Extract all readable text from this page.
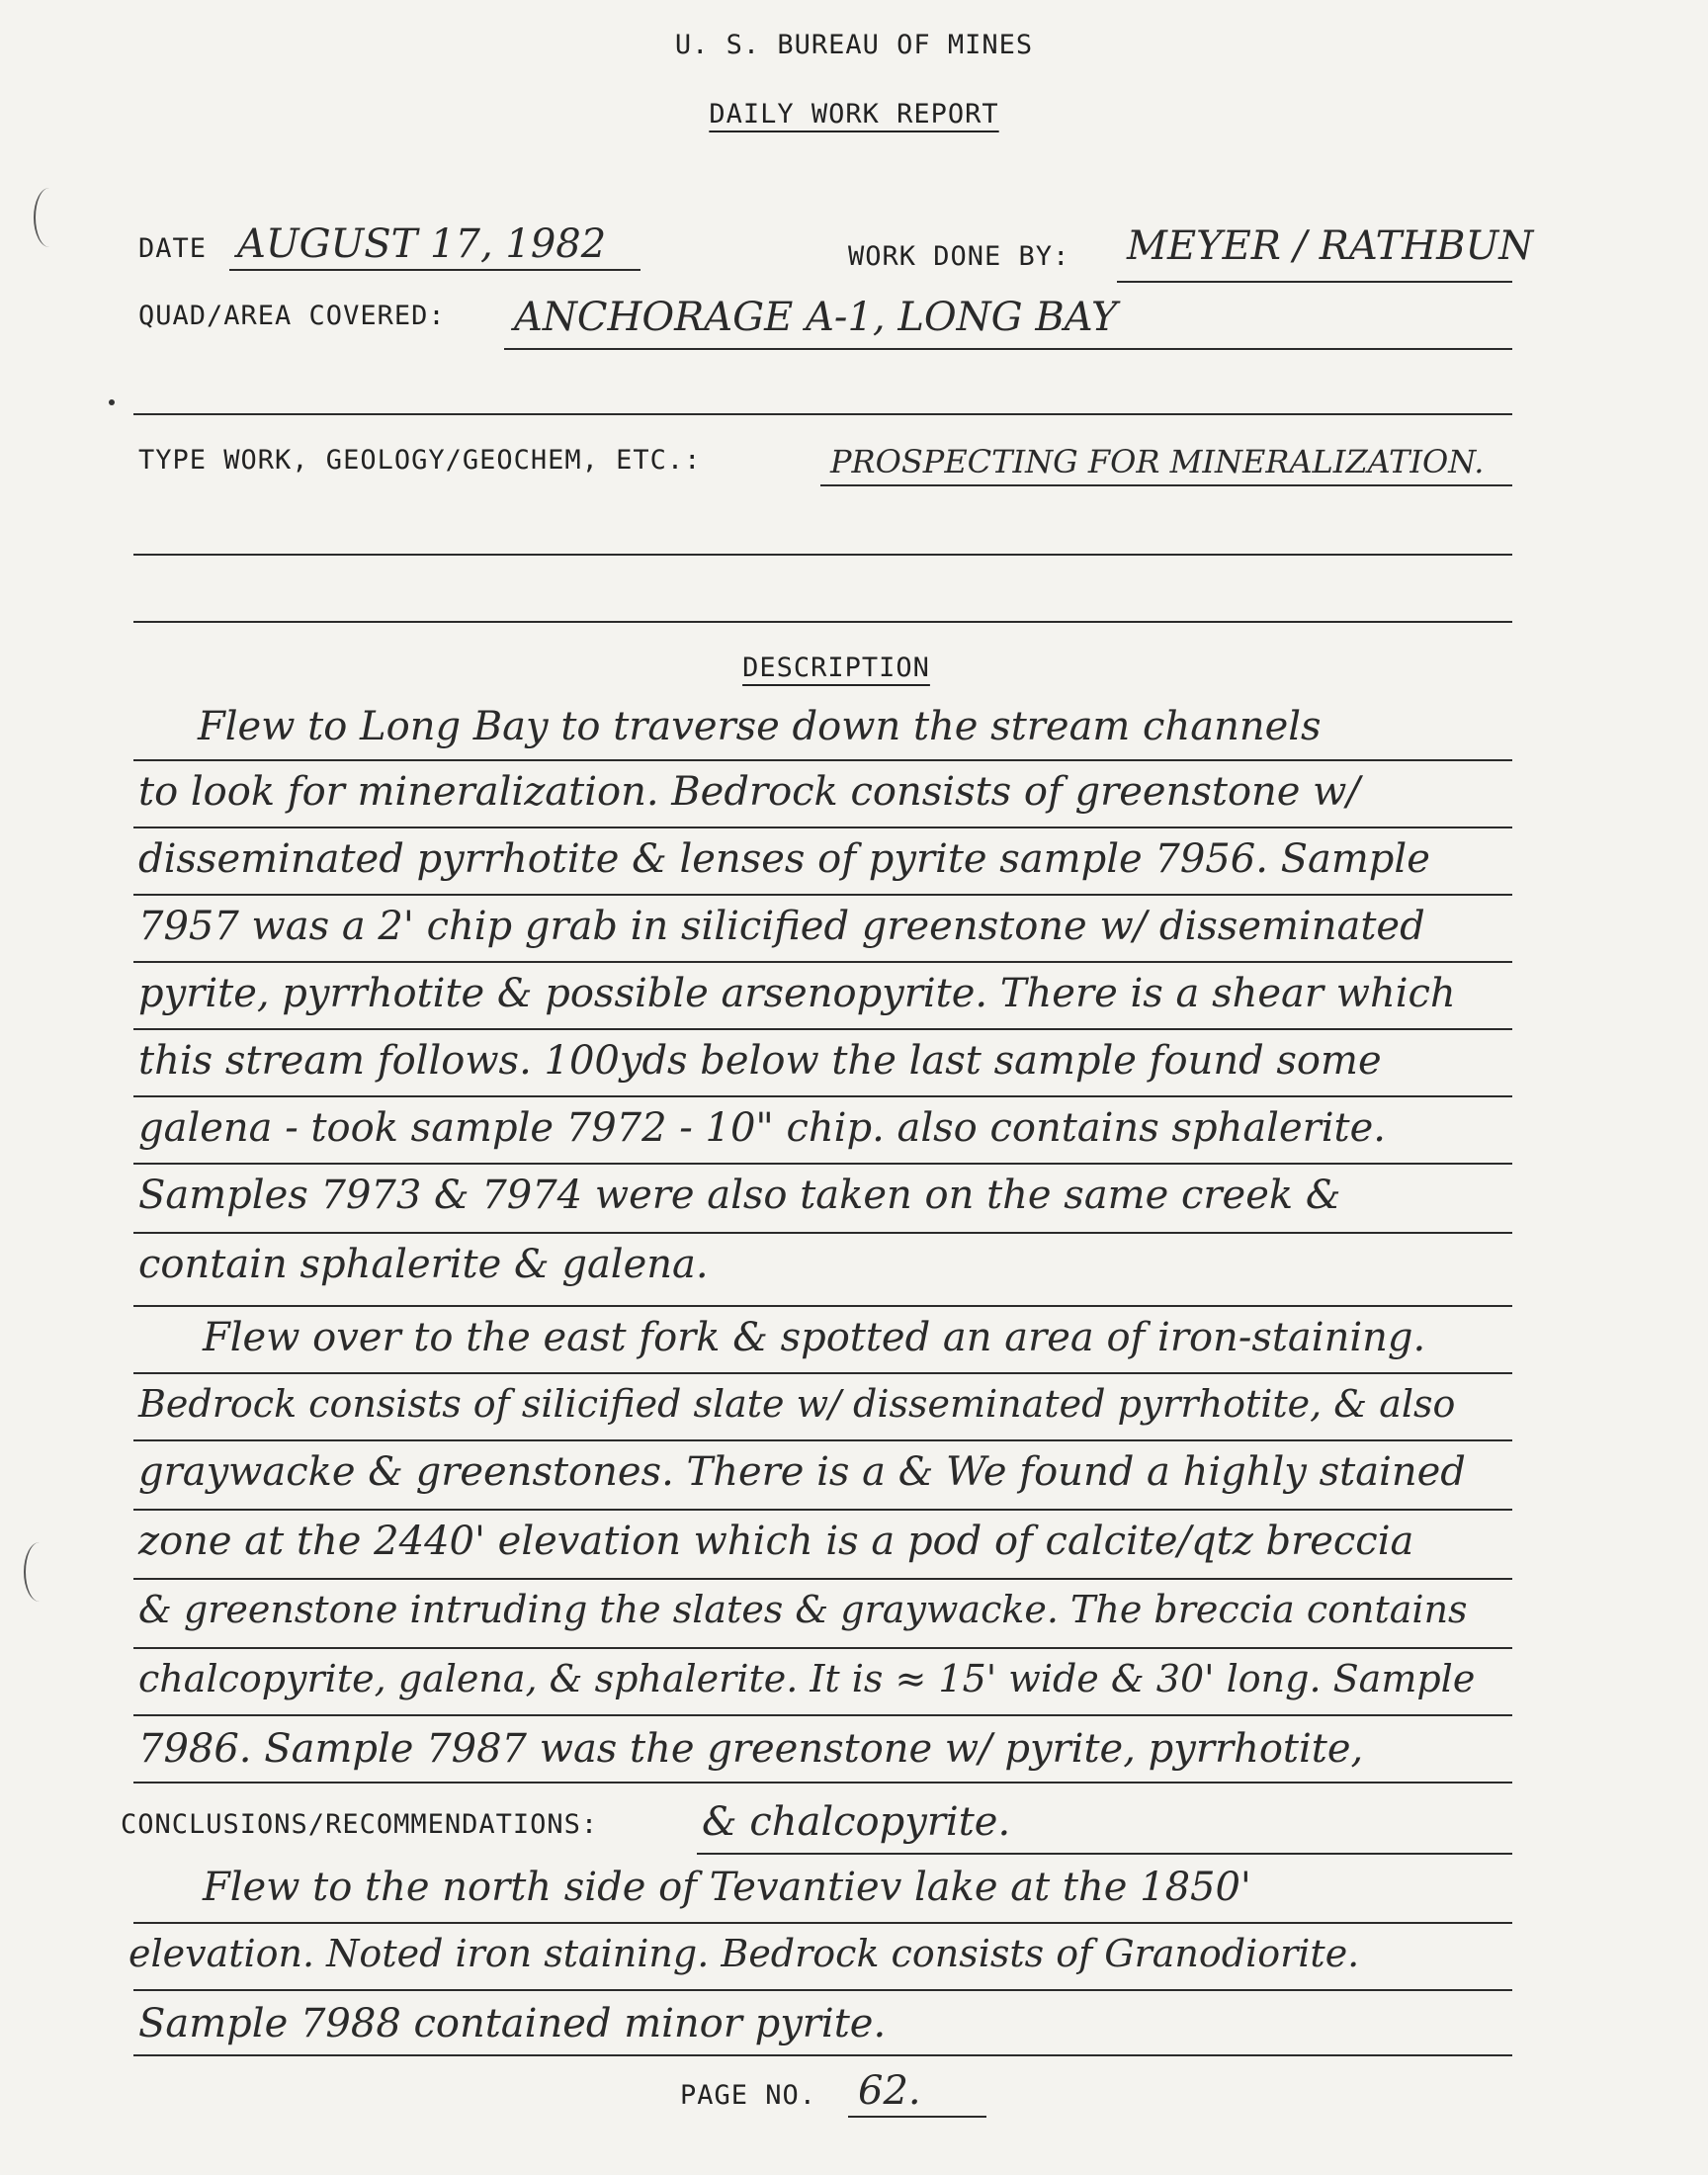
U. S. BUREAU OF MINES
DAILY WORK REPORT
DATE AUGUST 17, 1982	WORK DONE BY: MEYER / RATHBUN
QUAD/AREA COVERED: ANCHORAGE A-1, LONG BAY
TYPE WORK, GEOLOGY/GEOCHEM, ETC.:	PROSPECTING FOR MINERALIZATION.
DESCRIPTION
Flew to Long Bay to traverse down the stream channels
to look for mineralization. Bedrock consists of greenstone w/
disseminated pyrrhotite & lenses of pyrite sample 7956. Sample
7957 was a 2' chip grab in silicified greenstone w/ disseminated
pyrite, pyrrhotite & possible arsenopyrite. There is a shear which
this stream follows. 100yds below the last sample found some
galena - took sample 7972 - 10" chip. also contains sphalerite.
Samples 7973 & 7974 were also taken on the same creek &
contain sphalerite & galena.
Flew over to the east fork & spotted an area of iron-staining.
Bedrock consists of silicified slate w/ disseminated pyrrhotite, & also
graywacke & greenstones. There is a & We found a highly stained
zone at the 2440' elevation which is a pod of calcite/qtz breccia
& greenstone intruding the slates & graywacke. The breccia contains
chalcopyrite, galena, & sphalerite. It is ≈ 15' wide & 30' long. Sample
7986. Sample 7987 was the greenstone w/ pyrite, pyrrhotite,
CONCLUSIONS/RECOMMENDATIONS:	& chalcopyrite.
Flew to the north side of Tevantiev lake at the 1850'
elevation. Noted iron staining. Bedrock consists of Granodiorite.
Sample 7988 contained minor pyrite.
PAGE NO. 62.
